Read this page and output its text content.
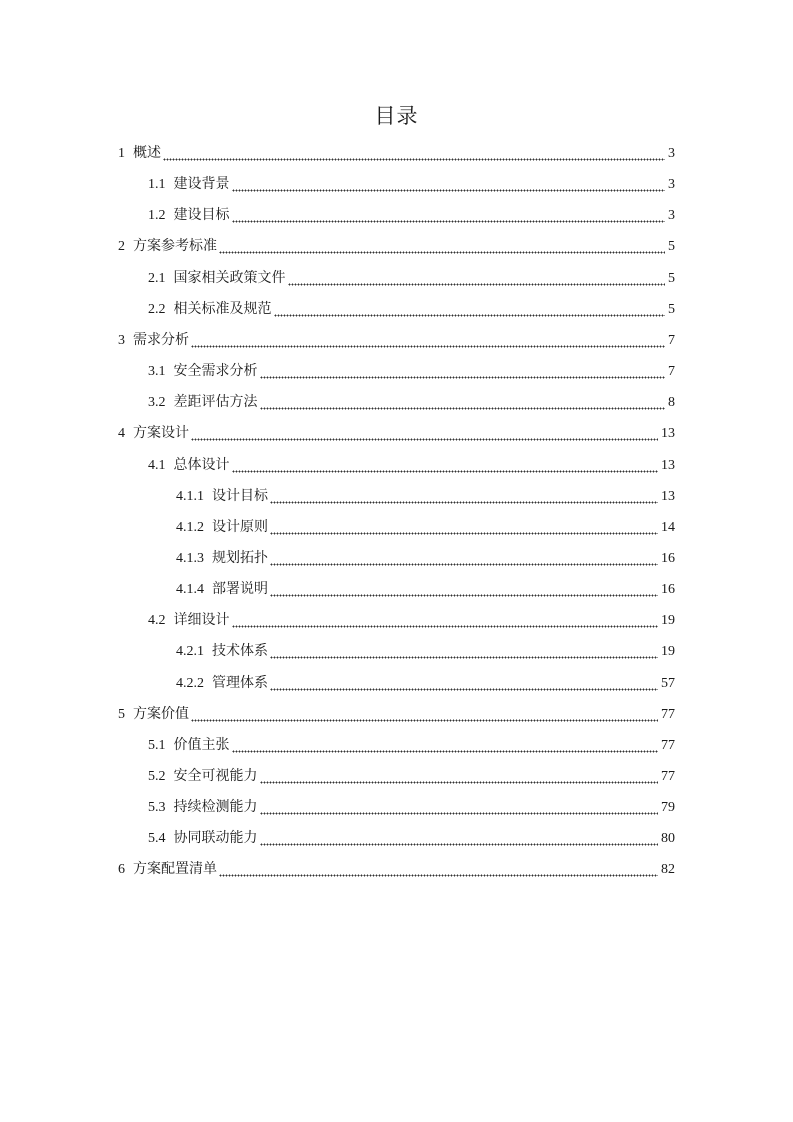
目录
1 概述	3
1.1 建设背景	3
1.2 建设目标	3
2 方案参考标准	5
2.1 国家相关政策文件	5
2.2 相关标准及规范	5
3 需求分析	7
3.1 安全需求分析	7
3.2 差距评估方法	8
4 方案设计	13
4.1 总体设计	13
4.1.1 设计目标	13
4.1.2 设计原则	14
4.1.3 规划拓扑	16
4.1.4 部署说明	16
4.2 详细设计	19
4.2.1 技术体系	19
4.2.2 管理体系	57
5 方案价值	77
5.1 价值主张	77
5.2 安全可视能力	77
5.3 持续检测能力	79
5.4 协同联动能力	80
6 方案配置清单	82
